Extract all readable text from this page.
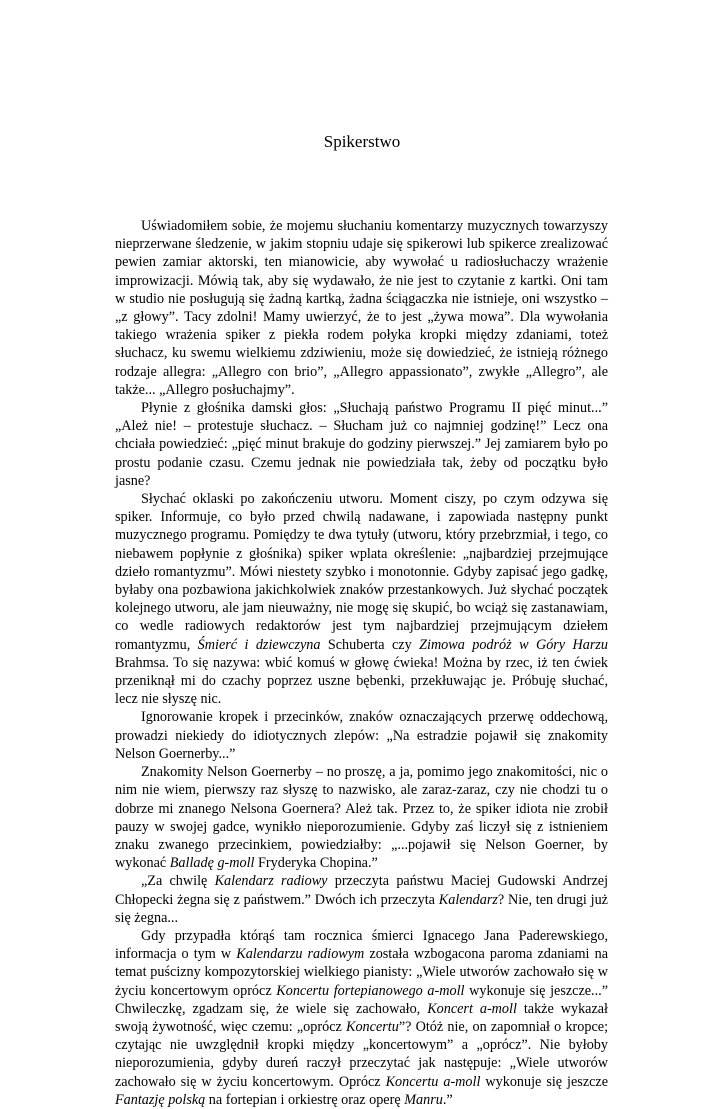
Spikerstwo

Uświadomiłem sobie, że mojemu słuchaniu komentarzy muzycznych towarzyszy nieprzerwane śledzenie, w jakim stopniu udaje się spikerowi lub spikerce zrealizować pewien zamiar aktorski, ten mianowicie, aby wywołać u radiosłuchaczy wrażenie improwizacji. Mówią tak, aby się wydawało, że nie jest to czytanie z kartki. Oni tam w studio nie posługują się żadną kartką, żadna ściągaczka nie istnieje, oni wszystko – „z głowy”. Tacy zdolni! Mamy uwierzyć, że to jest „żywa mowa”. Dla wywołania takiego wrażenia spiker z piekła rodem połyka kropki między zdaniami, toteż słuchacz, ku swemu wielkiemu zdziwieniu, może się dowiedzieć, że istnieją różnego rodzaje allegra: „Allegro con brio”, „Allegro appassionato”, zwykłe „Allegro”, ale także... „Allegro posłuchajmy”.

Płynie z głośnika damski głos: „Słuchają państwo Programu II pięć minut...” „Ależ nie! – protestuje słuchacz. – Słucham już co najmniej godzinę!” Lecz ona chciała powiedzieć: „pięć minut brakuje do godziny pierwszej.” Jej zamiarem było po prostu podanie czasu. Czemu jednak nie powiedziała tak, żeby od początku było jasne?

Słychać oklaski po zakończeniu utworu. Moment ciszy, po czym odzywa się spiker. Informuje, co było przed chwilą nadawane, i zapowiada następny punkt muzycznego programu. Pomiędzy te dwa tytuły (utworu, który przebrzmiał, i tego, co niebawem popłynie z głośnika) spiker wplata określenie: „najbardziej przejmujące dzieło romantyzmu”. Mówi niestety szybko i monotonnie. Gdyby zapisać jego gadkę, byłaby ona pozbawiona jakichkolwiek znaków przestankowych. Już słychać początek kolejnego utworu, ale jam nieuważny, nie mogę się skupić, bo wciąż się zastanawiam, co wedle radiowych redaktorów jest tym najbardziej przejmującym dziełem romantyzmu, Śmierć i dziewczyna Schuberta czy Zimowa podróż w Góry Harzu Brahmsa. To się nazywa: wbić komuś w głowę ćwieka! Można by rzec, iż ten ćwiek przeniknął mi do czachy poprzez uszne bębenki, przekłuwając je. Próbuję słuchać, lecz nie słyszę nic.

Ignorowanie kropek i przecinków, znaków oznaczających przerwę oddechową, prowadzi niekiedy do idiotycznych zlepów: „Na estradzie pojawił się znakomity Nelson Goernerby...”

Znakomity Nelson Goernerby – no proszę, a ja, pomimo jego znakomitości, nic o nim nie wiem, pierwszy raz słyszę to nazwisko, ale zaraz-zaraz, czy nie chodzi tu o dobrze mi znanego Nelsona Goernera? Ależ tak. Przez to, że spiker idiota nie zrobił pauzy w swojej gadce, wynikło nieporozumienie. Gdyby zaś liczył się z istnieniem znaku zwanego przecinkiem, powiedziałby: „...pojawił się Nelson Goerner, by wykonać Balladę g-moll Fryderyka Chopina.”

„Za chwilę Kalendarz radiowy przeczyta państwu Maciej Gudowski Andrzej Chłopecki żegna się z państwem.” Dwóch ich przeczyta Kalendarz? Nie, ten drugi już się żegna...

Gdy przypadła którąś tam rocznica śmierci Ignacego Jana Paderewskiego, informacja o tym w Kalendarzu radiowym została wzbogacona paroma zdaniami na temat puścizny kompozytorskiej wielkiego pianisty: „Wiele utworów zachowało się w życiu koncertowym oprócz Koncertu fortepianowego a-moll wykonuje się jeszcze...” Chwileczkę, zgadzam się, że wiele się zachowało, Koncert a-moll także wykazał swoją żywotność, więc czemu: „oprócz Koncertu”? Otóż nie, on zapomniał o kropce; czytając nie uwzględnił kropki między „koncertowym” a „oprócz”. Nie byłoby nieporozumienia, gdyby dureń raczył przeczytać jak następuje: „Wiele utworów zachowało się w życiu koncertowym. Oprócz Koncertu a-moll wykonuje się jeszcze Fantazję polską na fortepian i orkiestrę oraz operę Manru.”
